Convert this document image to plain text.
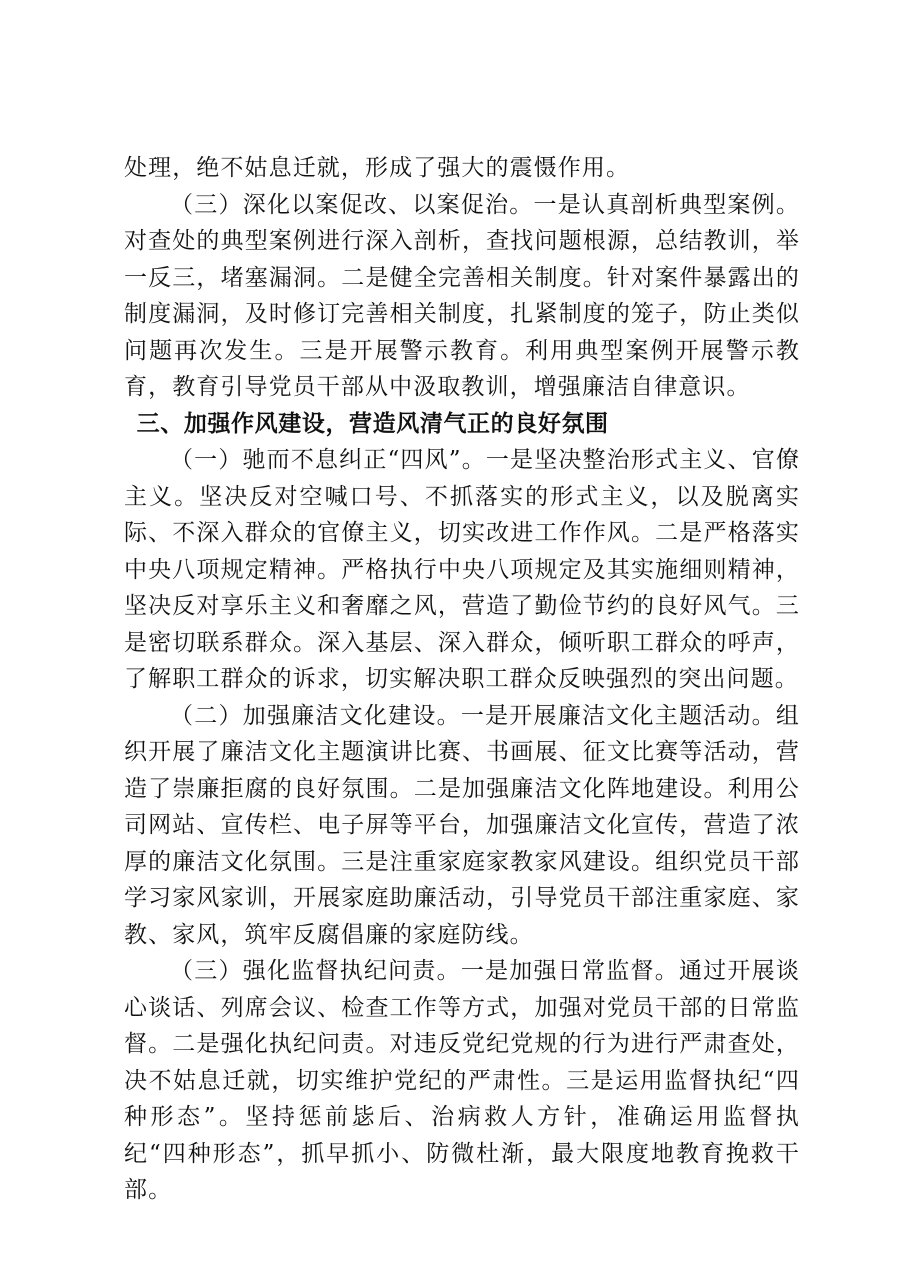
处理，绝不姑息迁就，形成了强大的震慑作用。

（三）深化以案促改、以案促治。一是认真剖析典型案例。对查处的典型案例进行深入剖析，查找问题根源，总结教训，举一反三，堵塞漏洞。二是健全完善相关制度。针对案件暴露出的制度漏洞，及时修订完善相关制度，扎紧制度的笼子，防止类似问题再次发生。三是开展警示教育。利用典型案例开展警示教育，教育引导党员干部从中汲取教训，增强廉洁自律意识。

三、加强作风建设，营造风清气正的良好氛围

（一）驰而不息纠正“四风”。一是坚决整治形式主义、官僚主义。坚决反对空喊口号、不抓落实的形式主义，以及脱离实际、不深入群众的官僚主义，切实改进工作作风。二是严格落实中央八项规定精神。严格执行中央八项规定及其实施细则精神，坚决反对享乐主义和奢靡之风，营造了勤俭节约的良好风气。三是密切联系群众。深入基层、深入群众，倾听职工群众的呼声，了解职工群众的诉求，切实解决职工群众反映强烈的突出问题。

（二）加强廉洁文化建设。一是开展廉洁文化主题活动。组织开展了廉洁文化主题演讲比赛、书画展、征文比赛等活动，营造了崇廉拒腐的良好氛围。二是加强廉洁文化阵地建设。利用公司网站、宣传栏、电子屏等平台，加强廉洁文化宣传，营造了浓厚的廉洁文化氛围。三是注重家庭家教家风建设。组织党员干部学习家风家训，开展家庭助廉活动，引导党员干部注重家庭、家教、家风，筑牢反腐倡廉的家庭防线。

（三）强化监督执纪问责。一是加强日常监督。通过开展谈心谈话、列席会议、检查工作等方式，加强对党员干部的日常监督。二是强化执纪问责。对违反党纪党规的行为进行严肃查处，决不姑息迁就，切实维护党纪的严肃性。三是运用监督执纪“四种形态”。坚持惩前毖后、治病救人方针，准确运用监督执纪“四种形态”，抓早抓小、防微杜渐，最大限度地教育挽救干部。
